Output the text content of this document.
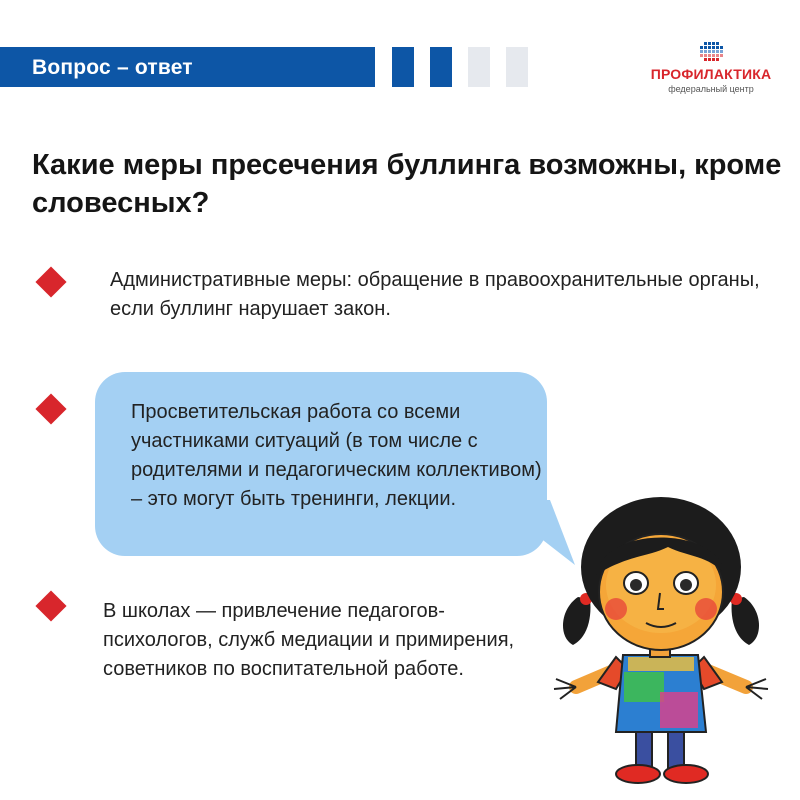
Вопрос – ответ	ПРОФИЛАКТИКА
федеральный центр
Какие меры пресечения буллинга возможны, кроме словесных?

Административные меры: обращение в правоохранительные органы, если буллинг нарушает закон.

Просветительская работа со всеми участниками ситуаций (в том числе с родителями и педагогическим коллективом) – это могут быть тренинги, лекции.

В школах — привлечение педагогов-психологов, служб медиации и примирения, советников по воспитательной работе.
